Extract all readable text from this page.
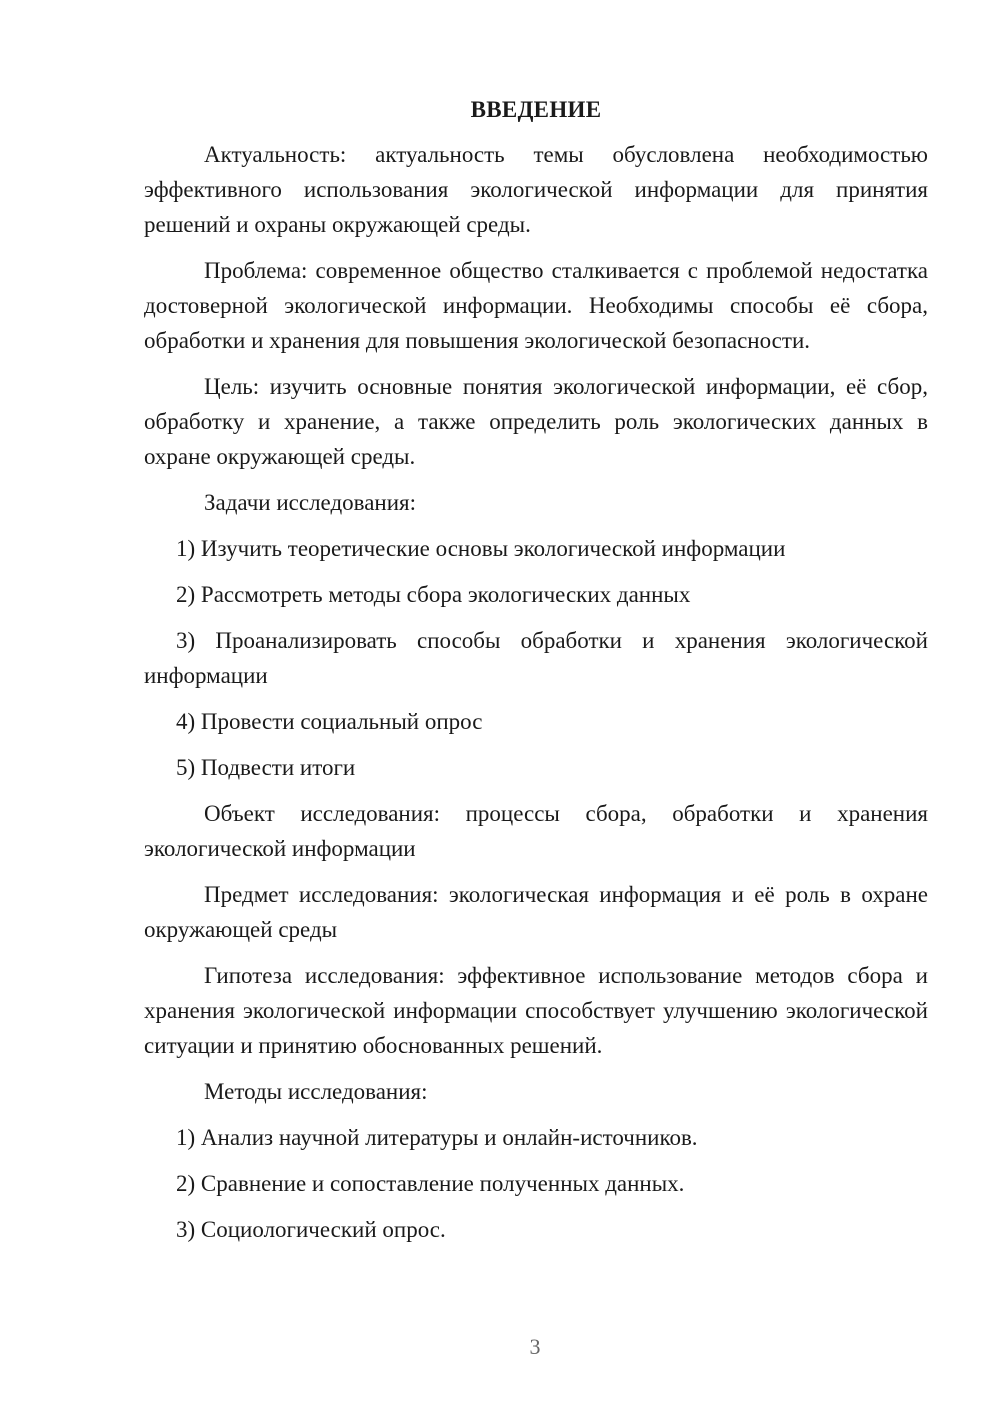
ВВЕДЕНИЕ

Актуальность: актуальность темы обусловлена необходимостью эффективного использования экологической информации для принятия решений и охраны окружающей среды.

Проблема: современное общество сталкивается с проблемой недостатка достоверной экологической информации. Необходимы способы её сбора, обработки и хранения для повышения экологической безопасности.

Цель: изучить основные понятия экологической информации, её сбор, обработку и хранение, а также определить роль экологических данных в охране окружающей среды.

Задачи исследования:

1) Изучить теоретические основы экологической информации

2) Рассмотреть методы сбора экологических данных

3) Проанализировать способы обработки и хранения экологической информации

4) Провести социальный опрос

5) Подвести итоги

Объект исследования: процессы сбора, обработки и хранения экологической информации

Предмет исследования: экологическая информация и её роль в охране окружающей среды

Гипотеза исследования: эффективное использование методов сбора и хранения экологической информации способствует улучшению экологической ситуации и принятию обоснованных решений.

Методы исследования:

1) Анализ научной литературы и онлайн-источников.

2) Сравнение и сопоставление полученных данных.

3) Социологический опрос.

3
